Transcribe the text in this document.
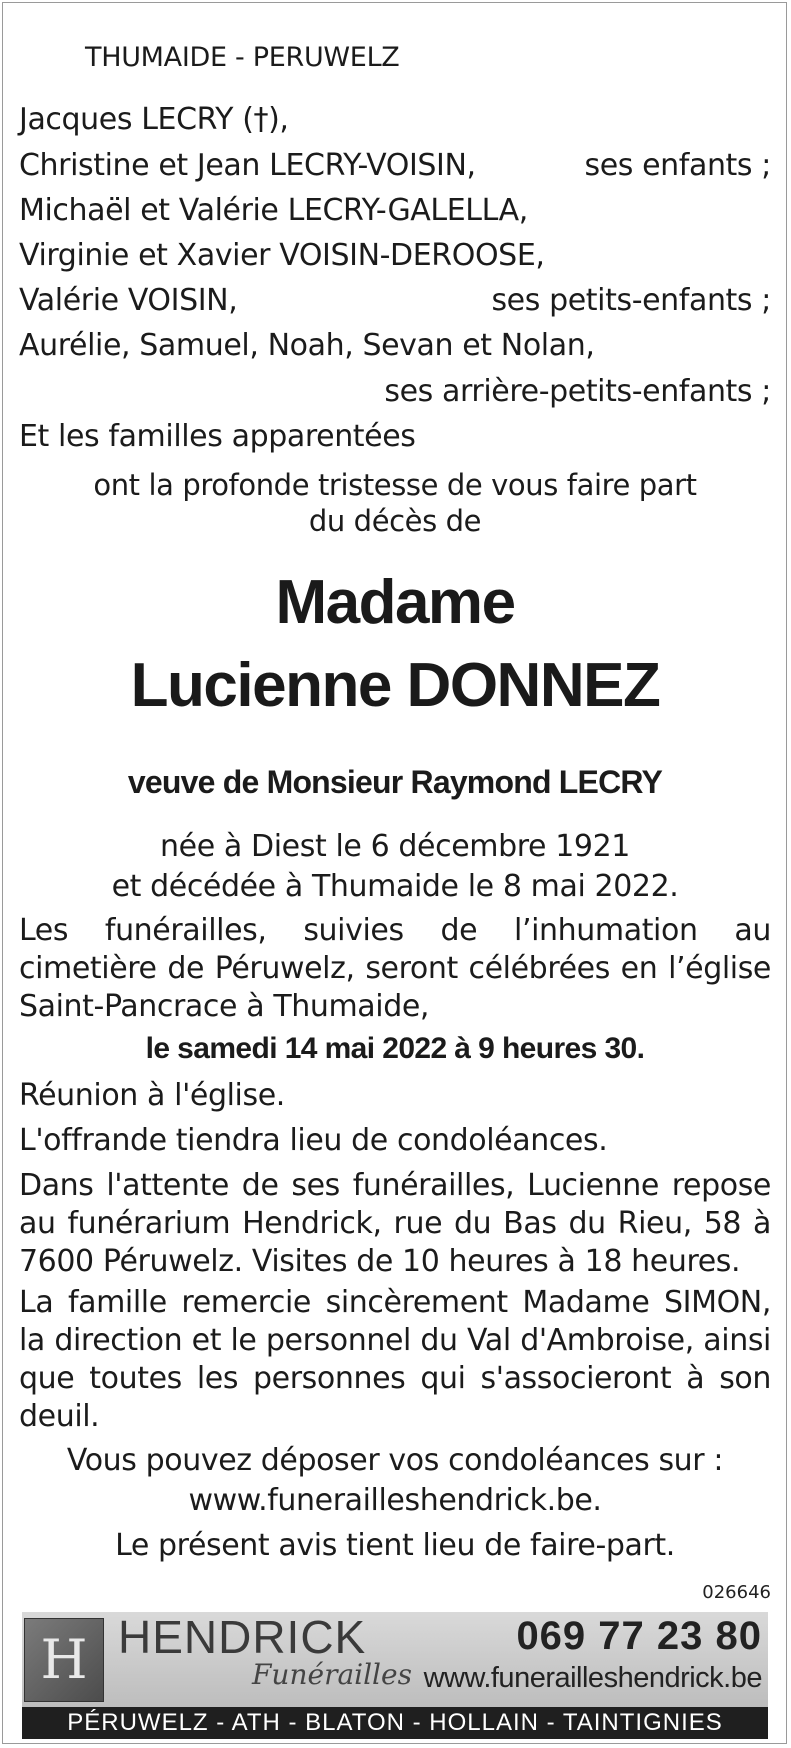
THUMAIDE - PERUWELZ
Jacques LECRY (†),
Christine et Jean LECRY-VOISIN,	ses enfants ;
Michaël et Valérie LECRY-GALELLA,
Virginie et Xavier VOISIN-DEROOSE,
Valérie VOISIN,	ses petits-enfants ;
Aurélie, Samuel, Noah, Sevan et Nolan,
ses arrière-petits-enfants ;
Et les familles apparentées
ont la profonde tristesse de vous faire part
du décès de
Madame
Lucienne DONNEZ
veuve de Monsieur Raymond LECRY
née à Diest le 6 décembre 1921
et décédée à Thumaide le 8 mai 2022.
Les funérailles, suivies de l’inhumation au cimetière de Péruwelz, seront célébrées en l’église Saint-Pancrace à Thumaide,
le samedi 14 mai 2022 à 9 heures 30.
Réunion à l'église.
L'offrande tiendra lieu de condoléances.
Dans l'attente de ses funérailles, Lucienne repose au funérarium Hendrick, rue du Bas du Rieu, 58 à 7600 Péruwelz. Visites de 10 heures à 18 heures.
La famille remercie sincèrement Madame SIMON, la direction et le personnel du Val d'Ambroise, ainsi que toutes les personnes qui s'associeront à son deuil.
Vous pouvez déposer vos condoléances sur :
www.funerailleshendrick.be.
Le présent avis tient lieu de faire-part.
026646
H HENDRICK
Funérailles
069 77 23 80
www.funerailleshendrick.be
PÉRUWELZ - ATH - BLATON - HOLLAIN - TAINTIGNIES
